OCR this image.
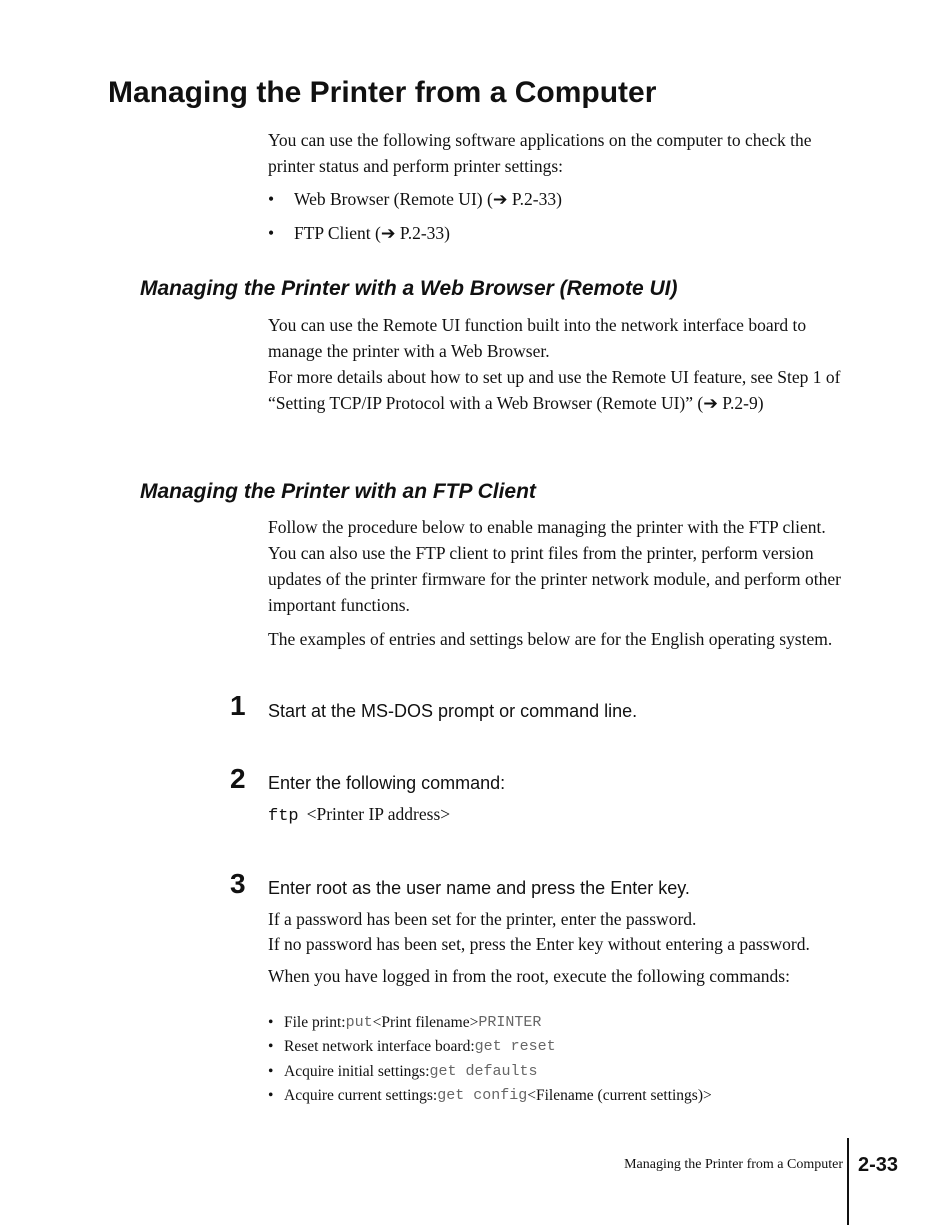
Managing the Printer from a Computer

You can use the following software applications on the computer to check the printer status and perform printer settings:

•	Web Browser (Remote UI) (➔ P.2-33)
•	FTP Client (➔ P.2-33)
Managing the Printer with a Web Browser (Remote UI)

You can use the Remote UI function built into the network interface board to manage the printer with a Web Browser.

For more details about how to set up and use the Remote UI feature, see Step 1 of “Setting TCP/IP Protocol with a Web Browser (Remote UI)” (➔ P.2-9)

Managing the Printer with an FTP Client

Follow the procedure below to enable managing the printer with the FTP client. You can also use the FTP client to print files from the printer, perform version updates of the printer firmware for the printer network module, and perform other important functions.

The examples of entries and settings below are for the English operating system.

1 Start at the MS-DOS prompt or command line.
2 Enter the following command:
ftp <Printer IP address>
3 Enter root as the user name and press the Enter key.

If a password has been set for the printer, enter the password.

If no password has been set, press the Enter key without entering a password.

When you have logged in from the root, execute the following commands:

• File print: put <Print filename> PRINTER
• Reset network interface board: get reset
• Acquire initial settings: get defaults
• Acquire current settings: get config <Filename (current settings)>
Managing the Printer from a Computer 2-33
